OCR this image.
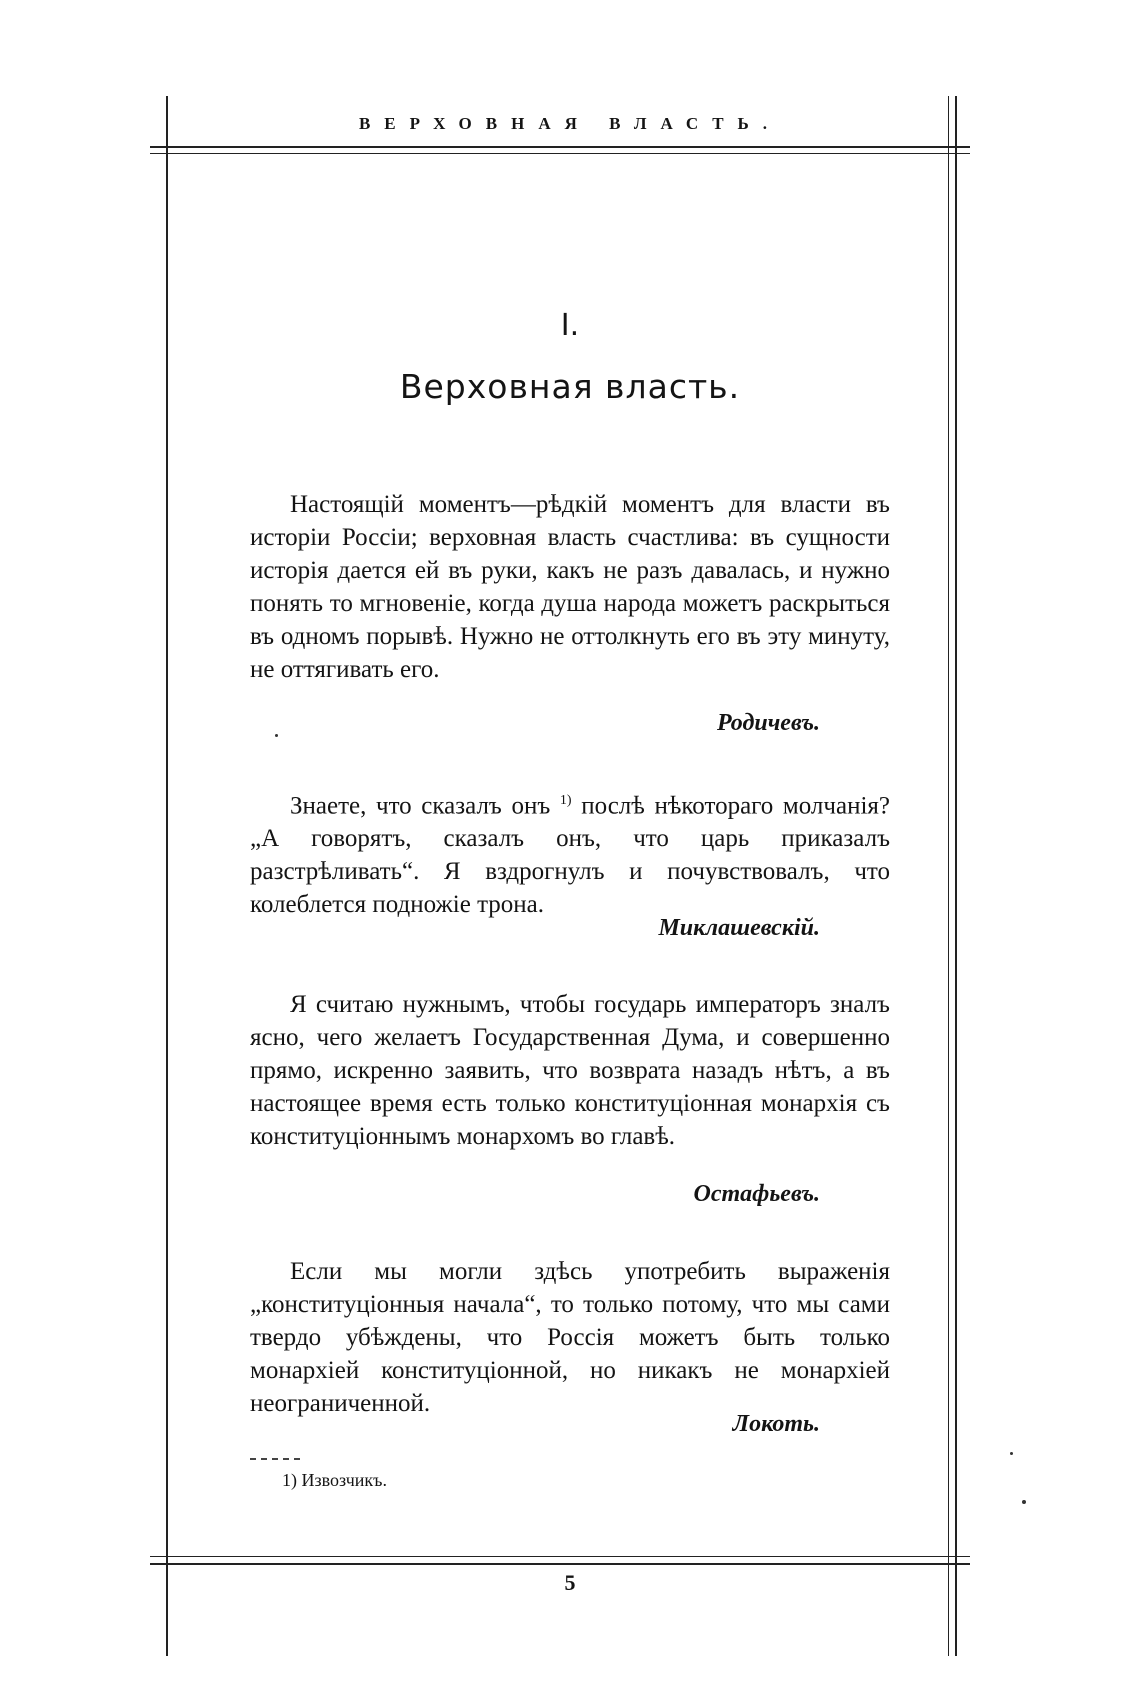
ВЕРХОВНАЯ ВЛАСТЬ.
I.
Верховная власть.
Настоящій моментъ—рѣдкій моментъ для власти въ исторіи Россіи; верховная власть счастлива: въ сущности исторія дается ей въ руки, какъ не разъ давалась, и нужно понять то мгновеніе, когда душа народа можетъ раскрыться въ одномъ порывѣ. Нужно не оттолкнуть его въ эту минуту, не оттягивать его.
Родичевъ.
Знаете, что сказалъ онъ $^{1)}$ послѣ нѣкотораго молчанія? „А говорятъ, сказалъ онъ, что царь приказалъ разстрѣливать“. Я вздрогнулъ и почувствовалъ, что колеблется подножіе трона.
Миклашевскій.
Я считаю нужнымъ, чтобы государь императоръ зналъ ясно, чего желаетъ Государственная Дума, и совершенно прямо, искренно заявить, что возврата назадъ нѣтъ, а въ настоящее время есть только конституціонная монархія съ конституціоннымъ монархомъ во главѣ.
Остафьевъ.
Если мы могли здѣсь употребить выраженія „конституціонныя начала“, то только потому, что мы сами твердо убѣждены, что Россія можетъ быть только монархіей конституціонной, но никакъ не монархіей неограниченной.
Локоть.
1) Извозчикъ.
5
